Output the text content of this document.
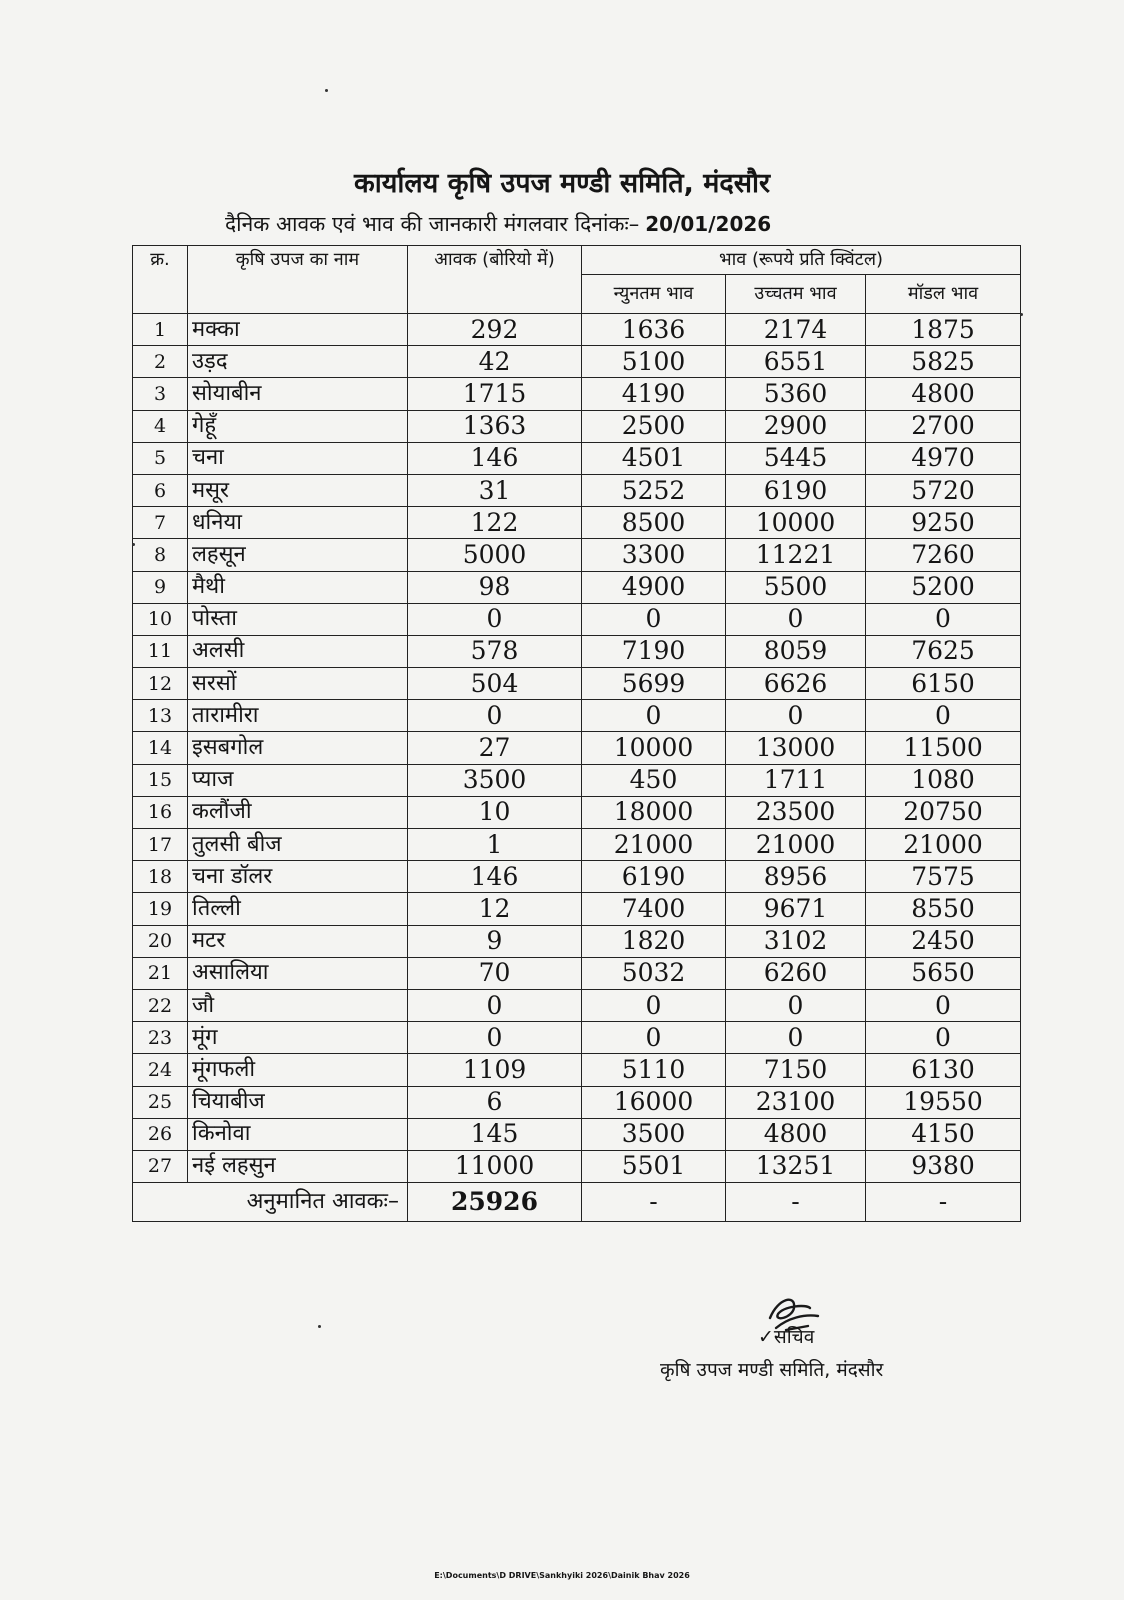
कार्यालय कृषि उपज मण्डी समिति, मंदसौर
दैनिक आवक एवं भाव की जानकारी मंगलवार दिनांकः– 20/01/2026
क्र.	कृषि उपज का नाम	आवक (बोरियो में)	भाव (रूपये प्रति क्विंटल)		
			न्युनतम भाव	उच्चतम भाव	मॉडल भाव
1	मक्का	292	1636	2174	1875
2	उड़द	42	5100	6551	5825
3	सोयाबीन	1715	4190	5360	4800
4	गेहूँ	1363	2500	2900	2700
5	चना	146	4501	5445	4970
6	मसूर	31	5252	6190	5720
7	धनिया	122	8500	10000	9250
8	लहसून	5000	3300	11221	7260
9	मैथी	98	4900	5500	5200
10	पोस्ता	0	0	0	0
11	अलसी	578	7190	8059	7625
12	सरसों	504	5699	6626	6150
13	तारामीरा	0	0	0	0
14	इसबगोल	27	10000	13000	11500
15	प्याज	3500	450	1711	1080
16	कलौंजी	10	18000	23500	20750
17	तुलसी बीज	1	21000	21000	21000
18	चना डॉलर	146	6190	8956	7575
19	तिल्ली	12	7400	9671	8550
20	मटर	9	1820	3102	2450
21	असालिया	70	5032	6260	5650
22	जौ	0	0	0	0
23	मूंग	0	0	0	0
24	मूंगफली	1109	5110	7150	6130
25	चियाबीज	6	16000	23100	19550
26	किनोवा	145	3500	4800	4150
27	नई लहसुन	11000	5501	13251	9380
अनुमानित आवकः–		25926	-	-	-
✓सचिव
कृषि उपज मण्डी समिति, मंदसौर
E:\Documents\D DRIVE\Sankhyiki 2026\Dainik Bhav 2026
